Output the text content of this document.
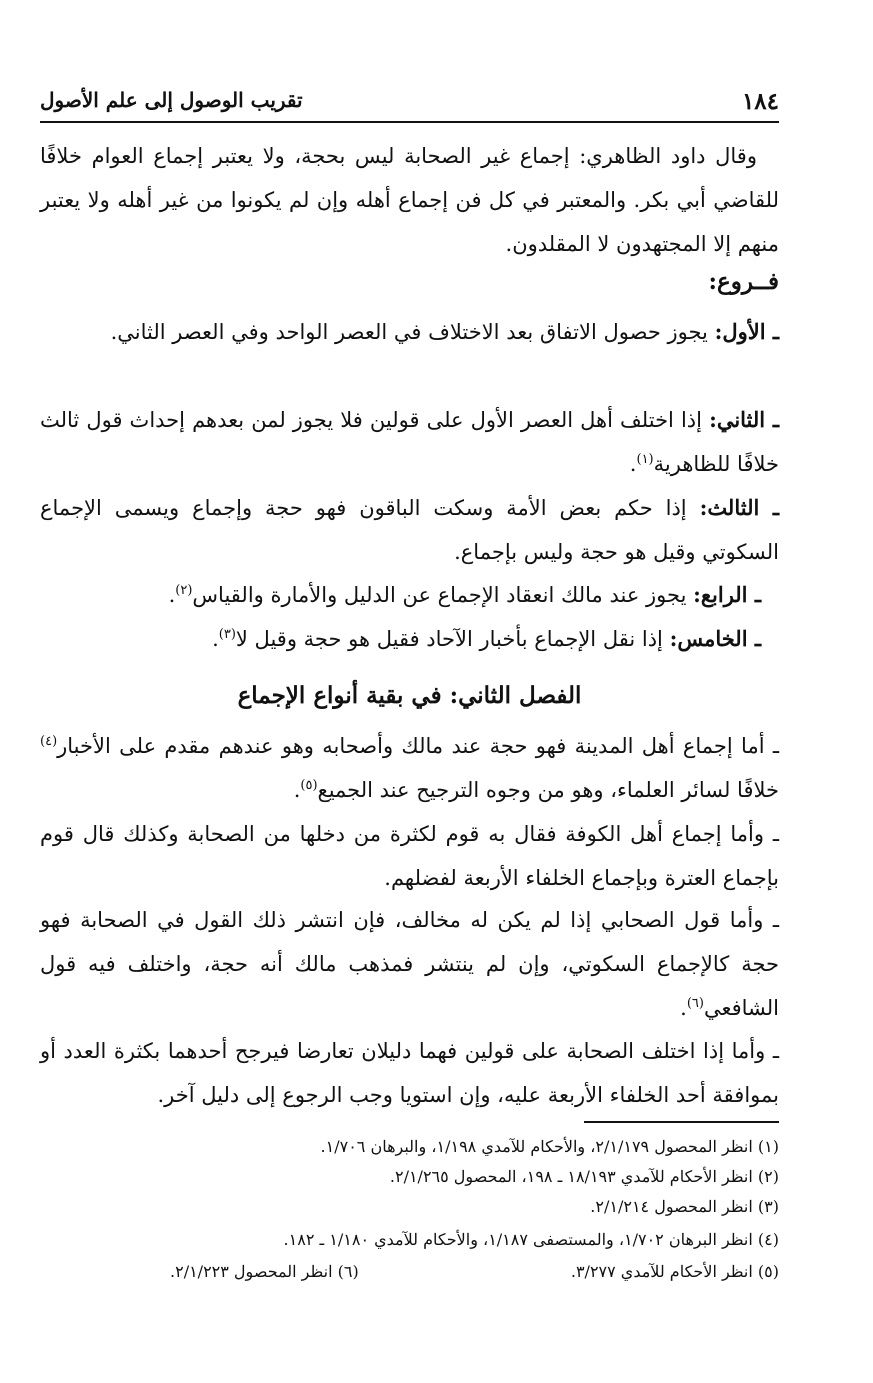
١٨٤
تقريب الوصول إلى علم الأصول
وقال داود الظاهري: إجماع غير الصحابة ليس بحجة، ولا يعتبر إجماع العوام خلافًا للقاضي أبي بكر. والمعتبر في كل فن إجماع أهله وإن لم يكونوا من غير أهله ولا يعتبر منهم إلا المجتهدون لا المقلدون.
فــروع:
ـ الأول: يجوز حصول الاتفاق بعد الاختلاف في العصر الواحد وفي العصر الثاني.
ـ الثاني: إذا اختلف أهل العصر الأول على قولين فلا يجوز لمن بعدهم إحداث قول ثالث خلافًا للظاهرية$^{(١)}$.
ـ الثالث: إذا حكم بعض الأمة وسكت الباقون فهو حجة وإجماع ويسمى الإجماع السكوتي وقيل هو حجة وليس بإجماع.
ـ الرابع: يجوز عند مالك انعقاد الإجماع عن الدليل والأمارة والقياس$^{(٢)}$.
ـ الخامس: إذا نقل الإجماع بأخبار الآحاد فقيل هو حجة وقيل لا$^{(٣)}$.
الفصل الثاني: في بقية أنواع الإجماع
ـ أما إجماع أهل المدينة فهو حجة عند مالك وأصحابه وهو عندهم مقدم على الأخبار$^{(٤)}$ خلافًا لسائر العلماء، وهو من وجوه الترجيح عند الجميع$^{(٥)}$.
ـ وأما إجماع أهل الكوفة فقال به قوم لكثرة من دخلها من الصحابة وكذلك قال قوم بإجماع العترة وبإجماع الخلفاء الأربعة لفضلهم.
ـ وأما قول الصحابي إذا لم يكن له مخالف، فإن انتشر ذلك القول في الصحابة فهو حجة كالإجماع السكوتي، وإن لم ينتشر فمذهب مالك أنه حجة، واختلف فيه قول الشافعي$^{(٦)}$.
ـ وأما إذا اختلف الصحابة على قولين فهما دليلان تعارضا فيرجح أحدهما بكثرة العدد أو بموافقة أحد الخلفاء الأربعة عليه، وإن استويا وجب الرجوع إلى دليل آخر.
(١) انظر المحصول ٢/١/١٧٩، والأحكام للآمدي ١/١٩٨، والبرهان ١/٧٠٦.
(٢) انظر الأحكام للآمدي ١٨/١٩٣ ـ ١٩٨، المحصول ٢/١/٢٦٥.
(٣) انظر المحصول ٢/١/٢١٤.
(٤) انظر البرهان ١/٧٠٢، والمستصفى ١/١٨٧، والأحكام للآمدي ١/١٨٠ ـ ١٨٢.
(٥) انظر الأحكام للآمدي ٣/٢٧٧.
(٦) انظر المحصول ٢/١/٢٢٣.
